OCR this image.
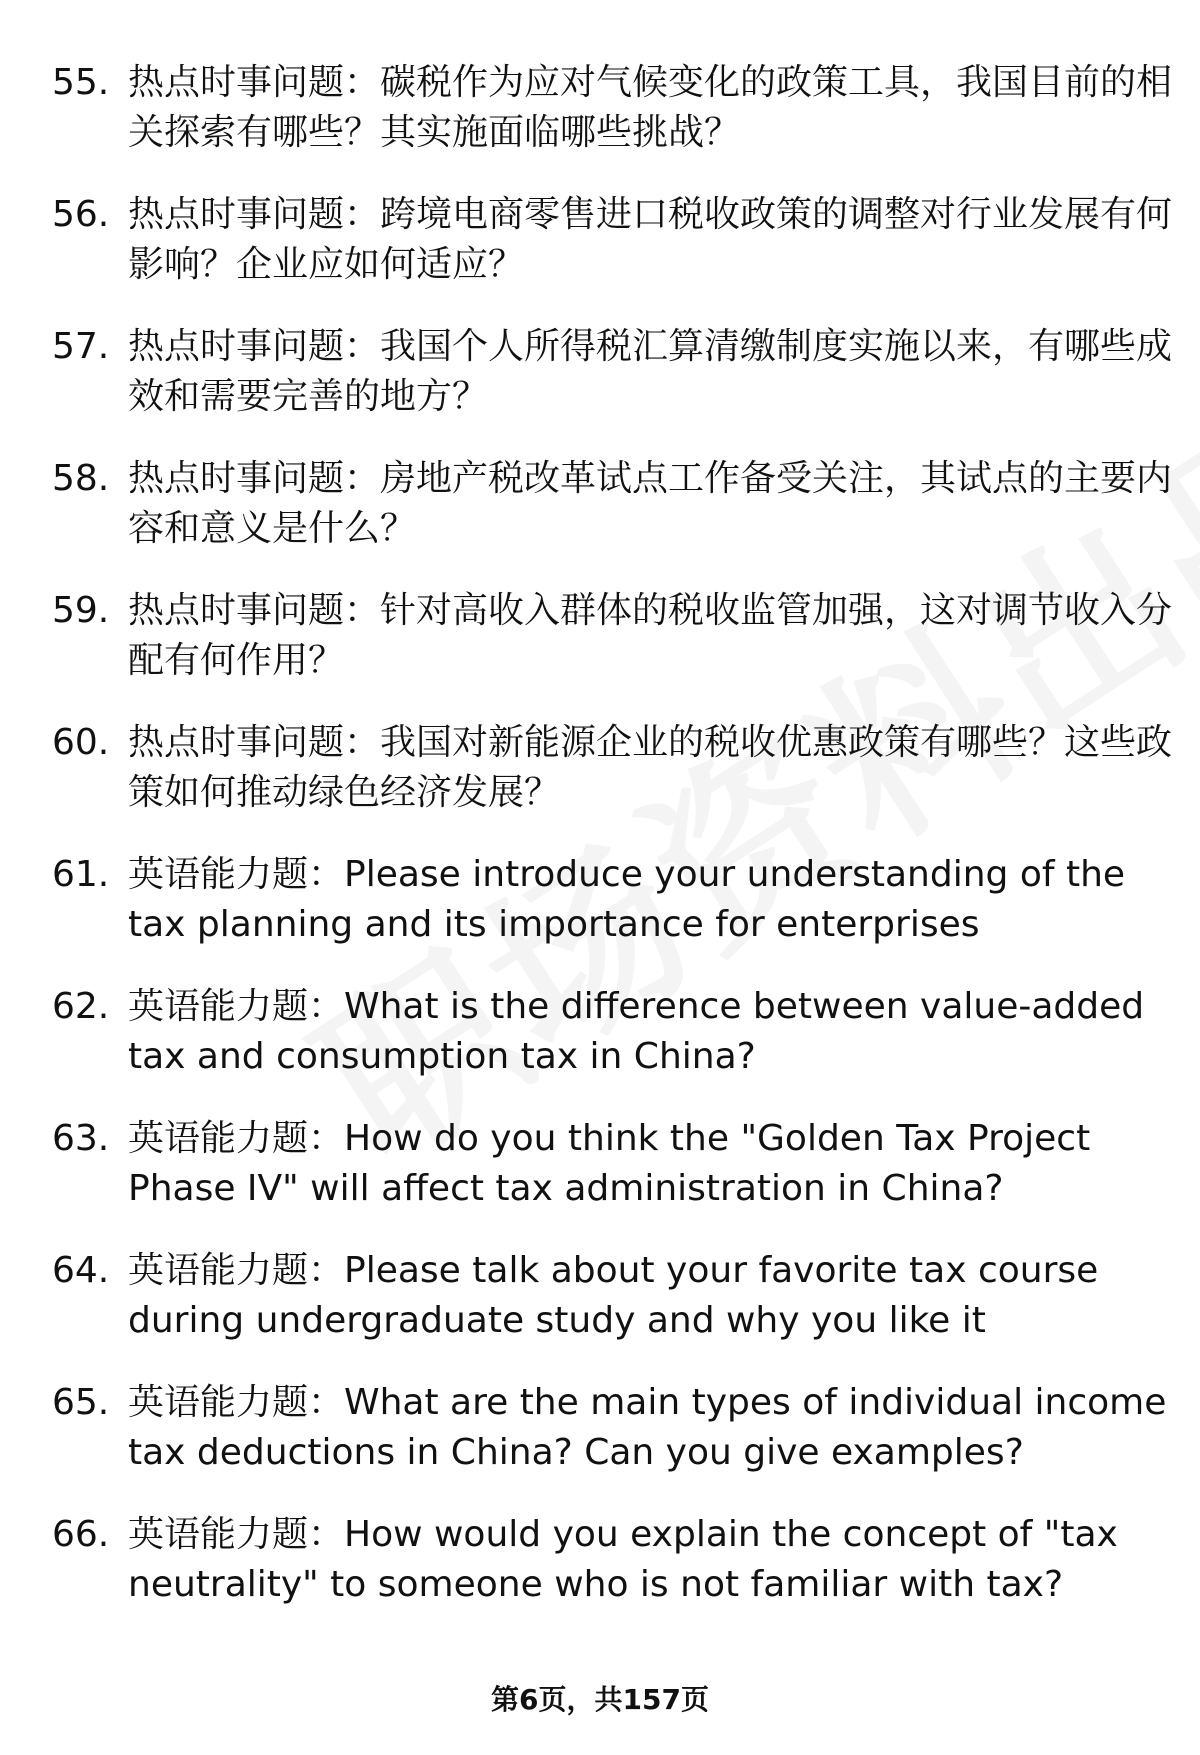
55. 热点时事问题：碳税作为应对气候变化的政策工具，我国目前的相关探索有哪些？其实施面临哪些挑战？
56. 热点时事问题：跨境电商零售进口税收政策的调整对行业发展有何影响？企业应如何适应？
57. 热点时事问题：我国个人所得税汇算清缴制度实施以来，有哪些成效和需要完善的地方？
58. 热点时事问题：房地产税改革试点工作备受关注，其试点的主要内容和意义是什么？
59. 热点时事问题：针对高收入群体的税收监管加强，这对调节收入分配有何作用？
60. 热点时事问题：我国对新能源企业的税收优惠政策有哪些？这些政策如何推动绿色经济发展？
61. 英语能力题：Please introduce your understanding of the tax planning and its importance for enterprises
62. 英语能力题：What is the difference between value-added tax and consumption tax in China?
63. 英语能力题：How do you think the "Golden Tax Project Phase IV" will affect tax administration in China?
64. 英语能力题：Please talk about your favorite tax course during undergraduate study and why you like it
65. 英语能力题：What are the main types of individual income tax deductions in China? Can you give examples?
66. 英语能力题：How would you explain the concept of "tax neutrality" to someone who is not familiar with tax?
第6页，共157页
